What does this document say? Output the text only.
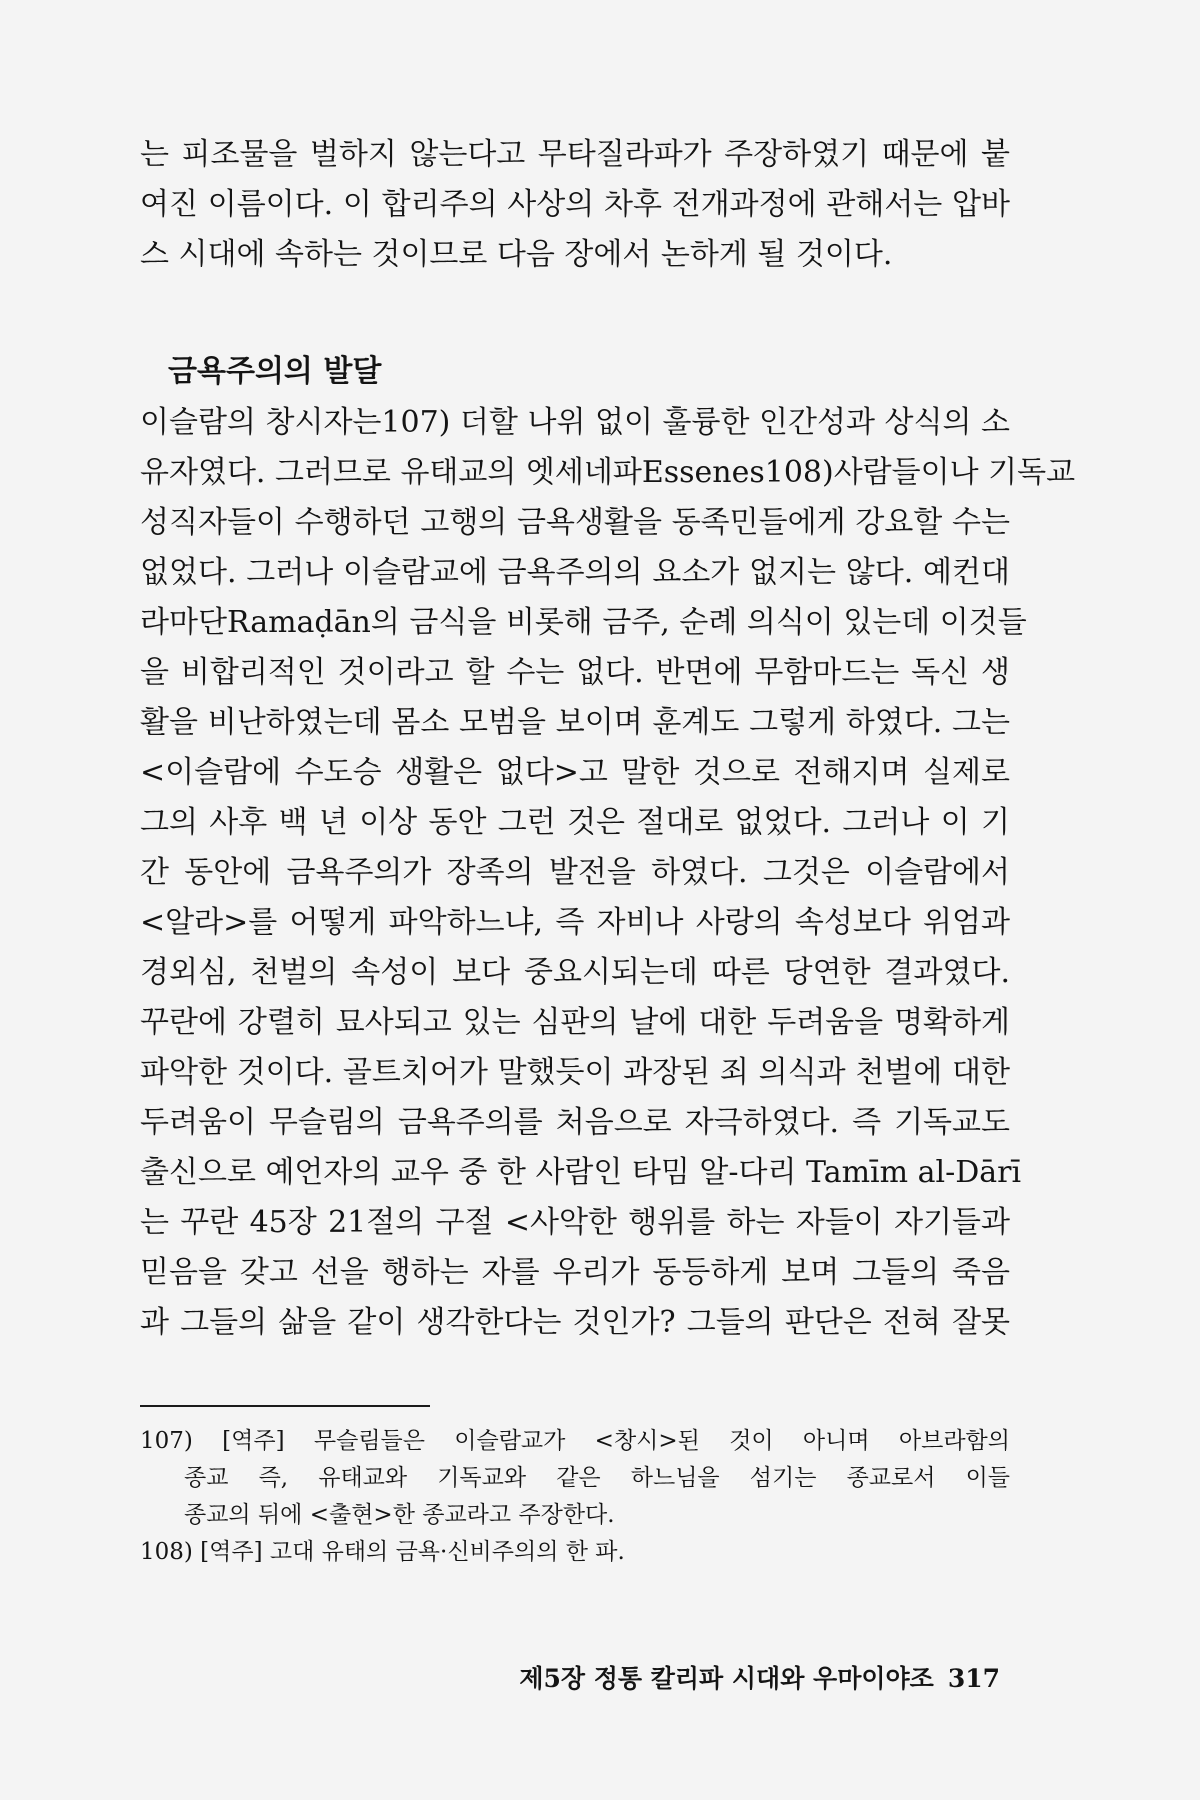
는 피조물을 벌하지 않는다고 무타질라파가 주장하였기 때문에 붙
여진 이름이다. 이 합리주의 사상의 차후 전개과정에 관해서는 압바
스 시대에 속하는 것이므로 다음 장에서 논하게 될 것이다.
금욕주의의 발달
이슬람의 창시자는107) 더할 나위 없이 훌륭한 인간성과 상식의 소
유자였다. 그러므로 유태교의 엣세네파Essenes108)사람들이나 기독교
성직자들이 수행하던 고행의 금욕생활을 동족민들에게 강요할 수는
없었다. 그러나 이슬람교에 금욕주의의 요소가 없지는 않다. 예컨대
라마단Ramaḍān의 금식을 비롯해 금주, 순례 의식이 있는데 이것들
을 비합리적인 것이라고 할 수는 없다. 반면에 무함마드는 독신 생
활을 비난하였는데 몸소 모범을 보이며 훈계도 그렇게 하였다. 그는
<이슬람에 수도승 생활은 없다>고 말한 것으로 전해지며 실제로
그의 사후 백 년 이상 동안 그런 것은 절대로 없었다. 그러나 이 기
간 동안에 금욕주의가 장족의 발전을 하였다. 그것은 이슬람에서
<알라>를 어떻게 파악하느냐, 즉 자비나 사랑의 속성보다 위엄과
경외심, 천벌의 속성이 보다 중요시되는데 따른 당연한 결과였다.
꾸란에 강렬히 묘사되고 있는 심판의 날에 대한 두려움을 명확하게
파악한 것이다. 골트치어가 말했듯이 과장된 죄 의식과 천벌에 대한
두려움이 무슬림의 금욕주의를 처음으로 자극하였다. 즉 기독교도
출신으로 예언자의 교우 중 한 사람인 타밈 알-다리 Tamīm al-Dārī
는 꾸란 45장 21절의 구절 <사악한 행위를 하는 자들이 자기들과
믿음을 갖고 선을 행하는 자를 우리가 동등하게 보며 그들의 죽음
과 그들의 삶을 같이 생각한다는 것인가? 그들의 판단은 전혀 잘못
107) [역주] 무슬림들은 이슬람교가 <창시>된 것이 아니며 아브라함의
종교 즉, 유태교와 기독교와 같은 하느님을 섬기는 종교로서 이들
종교의 뒤에 <출현>한 종교라고 주장한다.
108) [역주] 고대 유태의 금욕·신비주의의 한 파.
제5장 정통 칼리파 시대와 우마이야조 317
